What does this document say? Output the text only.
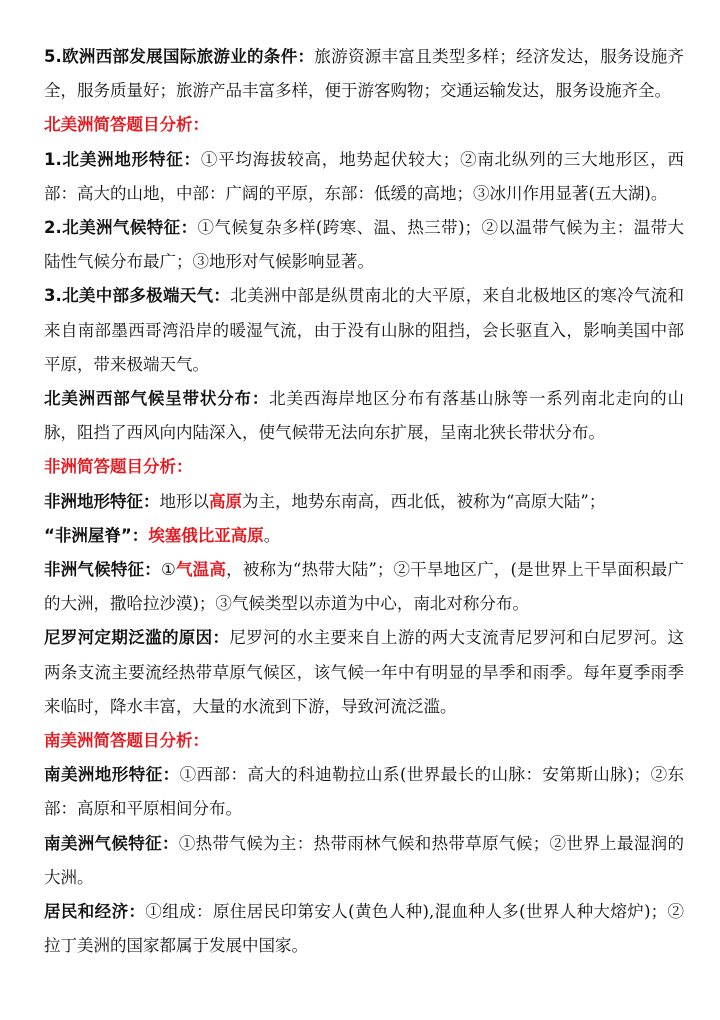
5.欧洲西部发展国际旅游业的条件：旅游资源丰富且类型多样；经济发达，服务设施齐全，服务质量好；旅游产品丰富多样，便于游客购物；交通运输发达，服务设施齐全。

北美洲简答题目分析：

1.北美洲地形特征：①平均海拔较高，地势起伏较大；②南北纵列的三大地形区，西部：高大的山地，中部：广阔的平原，东部：低缓的高地；③冰川作用显著(五大湖)。

2.北美洲气候特征：①气候复杂多样(跨寒、温、热三带)；②以温带气候为主：温带大陆性气候分布最广；③地形对气候影响显著。

3.北美中部多极端天气：北美洲中部是纵贯南北的大平原，来自北极地区的寒冷气流和来自南部墨西哥湾沿岸的暖湿气流，由于没有山脉的阻挡，会长驱直入，影响美国中部平原，带来极端天气。

北美洲西部气候呈带状分布：北美西海岸地区分布有落基山脉等一系列南北走向的山脉，阻挡了西风向内陆深入，使气候带无法向东扩展，呈南北狭长带状分布。

非洲简答题目分析：

非洲地形特征：地形以高原为主，地势东南高，西北低，被称为“高原大陆”；

“非洲屋脊”：埃塞俄比亚高原。

非洲气候特征：①气温高，被称为“热带大陆”；②干旱地区广，(是世界上干旱面积最广的大洲，撒哈拉沙漠)；③气候类型以赤道为中心，南北对称分布。

尼罗河定期泛滥的原因：尼罗河的水主要来自上游的两大支流青尼罗河和白尼罗河。这两条支流主要流经热带草原气候区，该气候一年中有明显的旱季和雨季。每年夏季雨季来临时，降水丰富，大量的水流到下游，导致河流泛滥。

南美洲简答题目分析：

南美洲地形特征：①西部：高大的科迪勒拉山系(世界最长的山脉：安第斯山脉)；②东部：高原和平原相间分布。

南美洲气候特征：①热带气候为主：热带雨林气候和热带草原气候；②世界上最湿润的大洲。

居民和经济：①组成：原住居民印第安人(黄色人种),混血种人多(世界人种大熔炉)；②拉丁美洲的国家都属于发展中国家。
